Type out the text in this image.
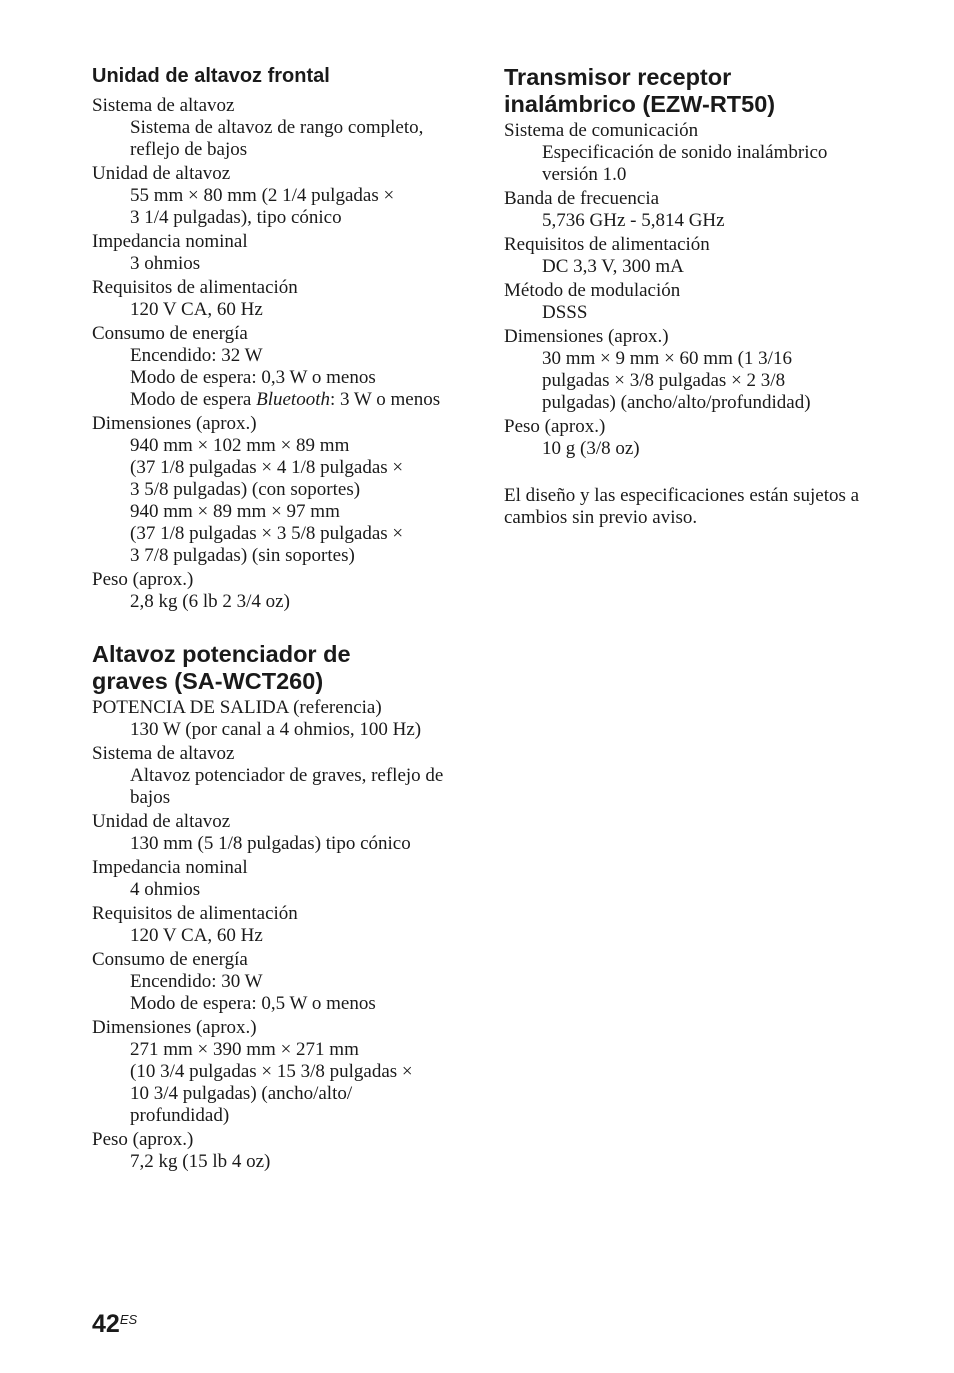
Unidad de altavoz frontal
Sistema de altavoz
Sistema de altavoz de rango completo,
reflejo de bajos
Unidad de altavoz
55 mm × 80 mm (2 1/4 pulgadas ×
3 1/4 pulgadas), tipo cónico
Impedancia nominal
3 ohmios
Requisitos de alimentación
120 V CA, 60 Hz
Consumo de energía
Encendido: 32 W
Modo de espera: 0,3 W o menos
Modo de espera Bluetooth: 3 W o menos
Dimensiones (aprox.)
940 mm × 102 mm × 89 mm
(37 1/8 pulgadas × 4 1/8 pulgadas ×
3 5/8 pulgadas) (con soportes)
940 mm × 89 mm × 97 mm
(37 1/8 pulgadas × 3 5/8 pulgadas ×
3 7/8 pulgadas) (sin soportes)
Peso (aprox.)
2,8 kg (6 lb 2 3/4 oz)
Altavoz potenciador de
graves (SA-WCT260)
POTENCIA DE SALIDA (referencia)
130 W (por canal a 4 ohmios, 100 Hz)
Sistema de altavoz
Altavoz potenciador de graves, reflejo de
bajos
Unidad de altavoz
130 mm (5 1/8 pulgadas) tipo cónico
Impedancia nominal
4 ohmios
Requisitos de alimentación
120 V CA, 60 Hz
Consumo de energía
Encendido: 30 W
Modo de espera: 0,5 W o menos
Dimensiones (aprox.)
271 mm × 390 mm × 271 mm
(10 3/4 pulgadas × 15 3/8 pulgadas ×
10 3/4 pulgadas) (ancho/alto/
profundidad)
Peso (aprox.)
7,2 kg (15 lb 4 oz)
Transmisor receptor
inalámbrico (EZW-RT50)
Sistema de comunicación
Especificación de sonido inalámbrico
versión 1.0
Banda de frecuencia
5,736 GHz - 5,814 GHz
Requisitos de alimentación
DC 3,3 V, 300 mA
Método de modulación
DSSS
Dimensiones (aprox.)
30 mm × 9 mm × 60 mm (1 3/16
pulgadas × 3/8 pulgadas × 2 3/8
pulgadas) (ancho/alto/profundidad)
Peso (aprox.)
10 g (3/8 oz)
El diseño y las especificaciones están sujetos a
cambios sin previo aviso.
$42^{ES}$
